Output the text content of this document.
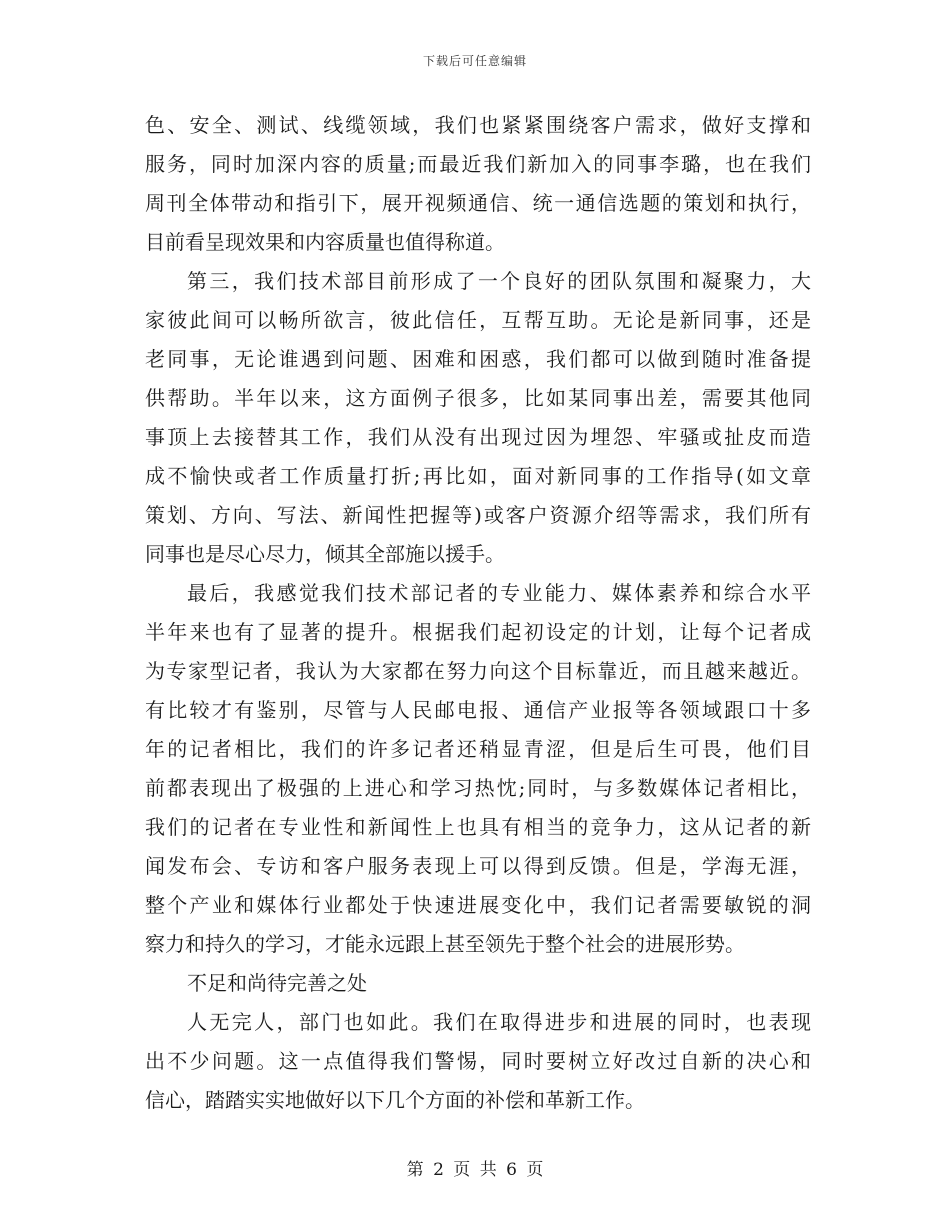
下载后可任意编辑
色、安全、测试、线缆领域，我们也紧紧围绕客户需求，做好支撑和
服务，同时加深内容的质量;而最近我们新加入的同事李璐，也在我们
周刊全体带动和指引下，展开视频通信、统一通信选题的策划和执行，
目前看呈现效果和内容质量也值得称道。
第三，我们技术部目前形成了一个良好的团队氛围和凝聚力，大
家彼此间可以畅所欲言，彼此信任，互帮互助。无论是新同事，还是
老同事，无论谁遇到问题、困难和困惑，我们都可以做到随时准备提
供帮助。半年以来，这方面例子很多，比如某同事出差，需要其他同
事顶上去接替其工作，我们从没有出现过因为埋怨、牢骚或扯皮而造
成不愉快或者工作质量打折;再比如，面对新同事的工作指导(如文章
策划、方向、写法、新闻性把握等)或客户资源介绍等需求，我们所有
同事也是尽心尽力，倾其全部施以援手。
最后，我感觉我们技术部记者的专业能力、媒体素养和综合水平
半年来也有了显著的提升。根据我们起初设定的计划，让每个记者成
为专家型记者，我认为大家都在努力向这个目标靠近，而且越来越近。
有比较才有鉴别，尽管与人民邮电报、通信产业报等各领域跟口十多
年的记者相比，我们的许多记者还稍显青涩，但是后生可畏，他们目
前都表现出了极强的上进心和学习热忱;同时，与多数媒体记者相比，
我们的记者在专业性和新闻性上也具有相当的竞争力，这从记者的新
闻发布会、专访和客户服务表现上可以得到反馈。但是，学海无涯，
整个产业和媒体行业都处于快速进展变化中，我们记者需要敏锐的洞
察力和持久的学习，才能永远跟上甚至领先于整个社会的进展形势。
不足和尚待完善之处
人无完人，部门也如此。我们在取得进步和进展的同时，也表现
出不少问题。这一点值得我们警惕，同时要树立好改过自新的决心和
信心，踏踏实实地做好以下几个方面的补偿和革新工作。
第 2 页 共 6 页
